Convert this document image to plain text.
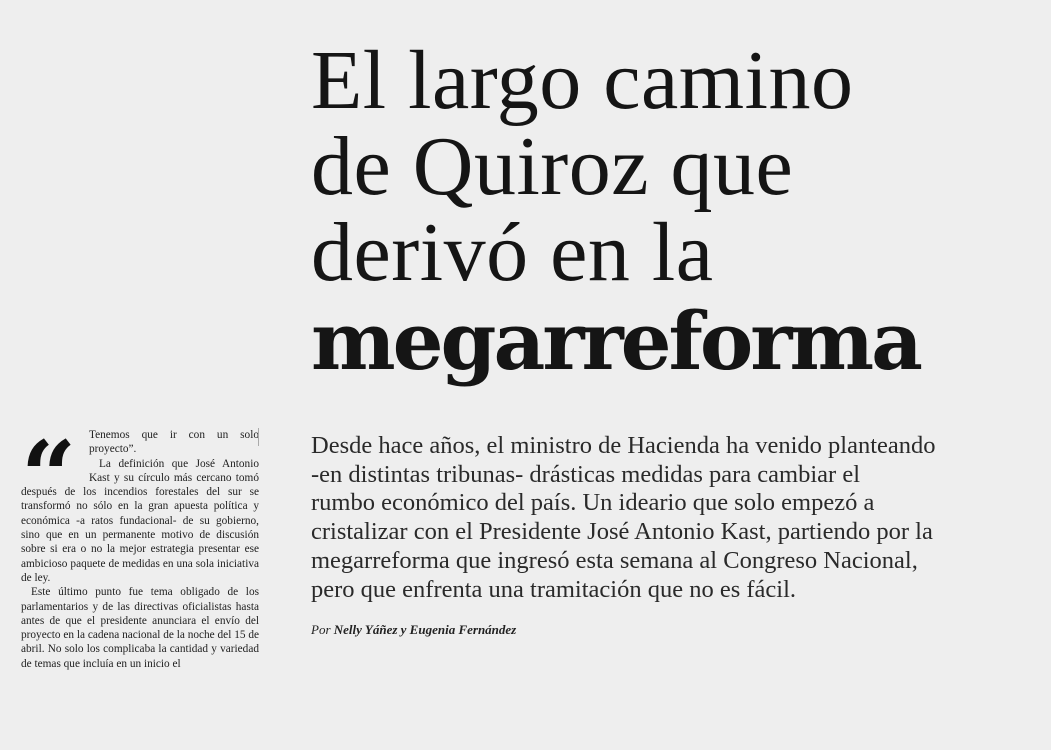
El largo camino
de Quiroz que
derivó en la
megarreforma

Desde hace años, el ministro de Hacienda ha venido planteando
-en distintas tribunas- drásticas medidas para cambiar el
rumbo económico del país. Un ideario que solo empezó a
cristalizar con el Presidente José Antonio Kast, partiendo por la
megarreforma que ingresó esta semana al Congreso Nacional,
pero que enfrenta una tramitación que no es fácil.

Por Nelly Yáñez y Eugenia Fernández

“	Tenemos que ir con un solo proyecto”.

La definición que José Antonio Kast y su círculo más cercano tomó después de los incendios forestales del sur se transformó no sólo en la gran apuesta política y económica -a ratos fundacional- de su gobierno, sino que en un permanente motivo de discusión sobre si era o no la mejor estrategia presentar ese ambicioso paquete de medidas en una sola iniciativa de ley.

Este último punto fue tema obligado de los parlamentarios y de las directivas oficialistas hasta antes de que el presidente anunciara el envío del proyecto en la cadena nacional de la noche del 15 de abril. No solo los complicaba la cantidad y variedad de temas que incluía en un inicio el
